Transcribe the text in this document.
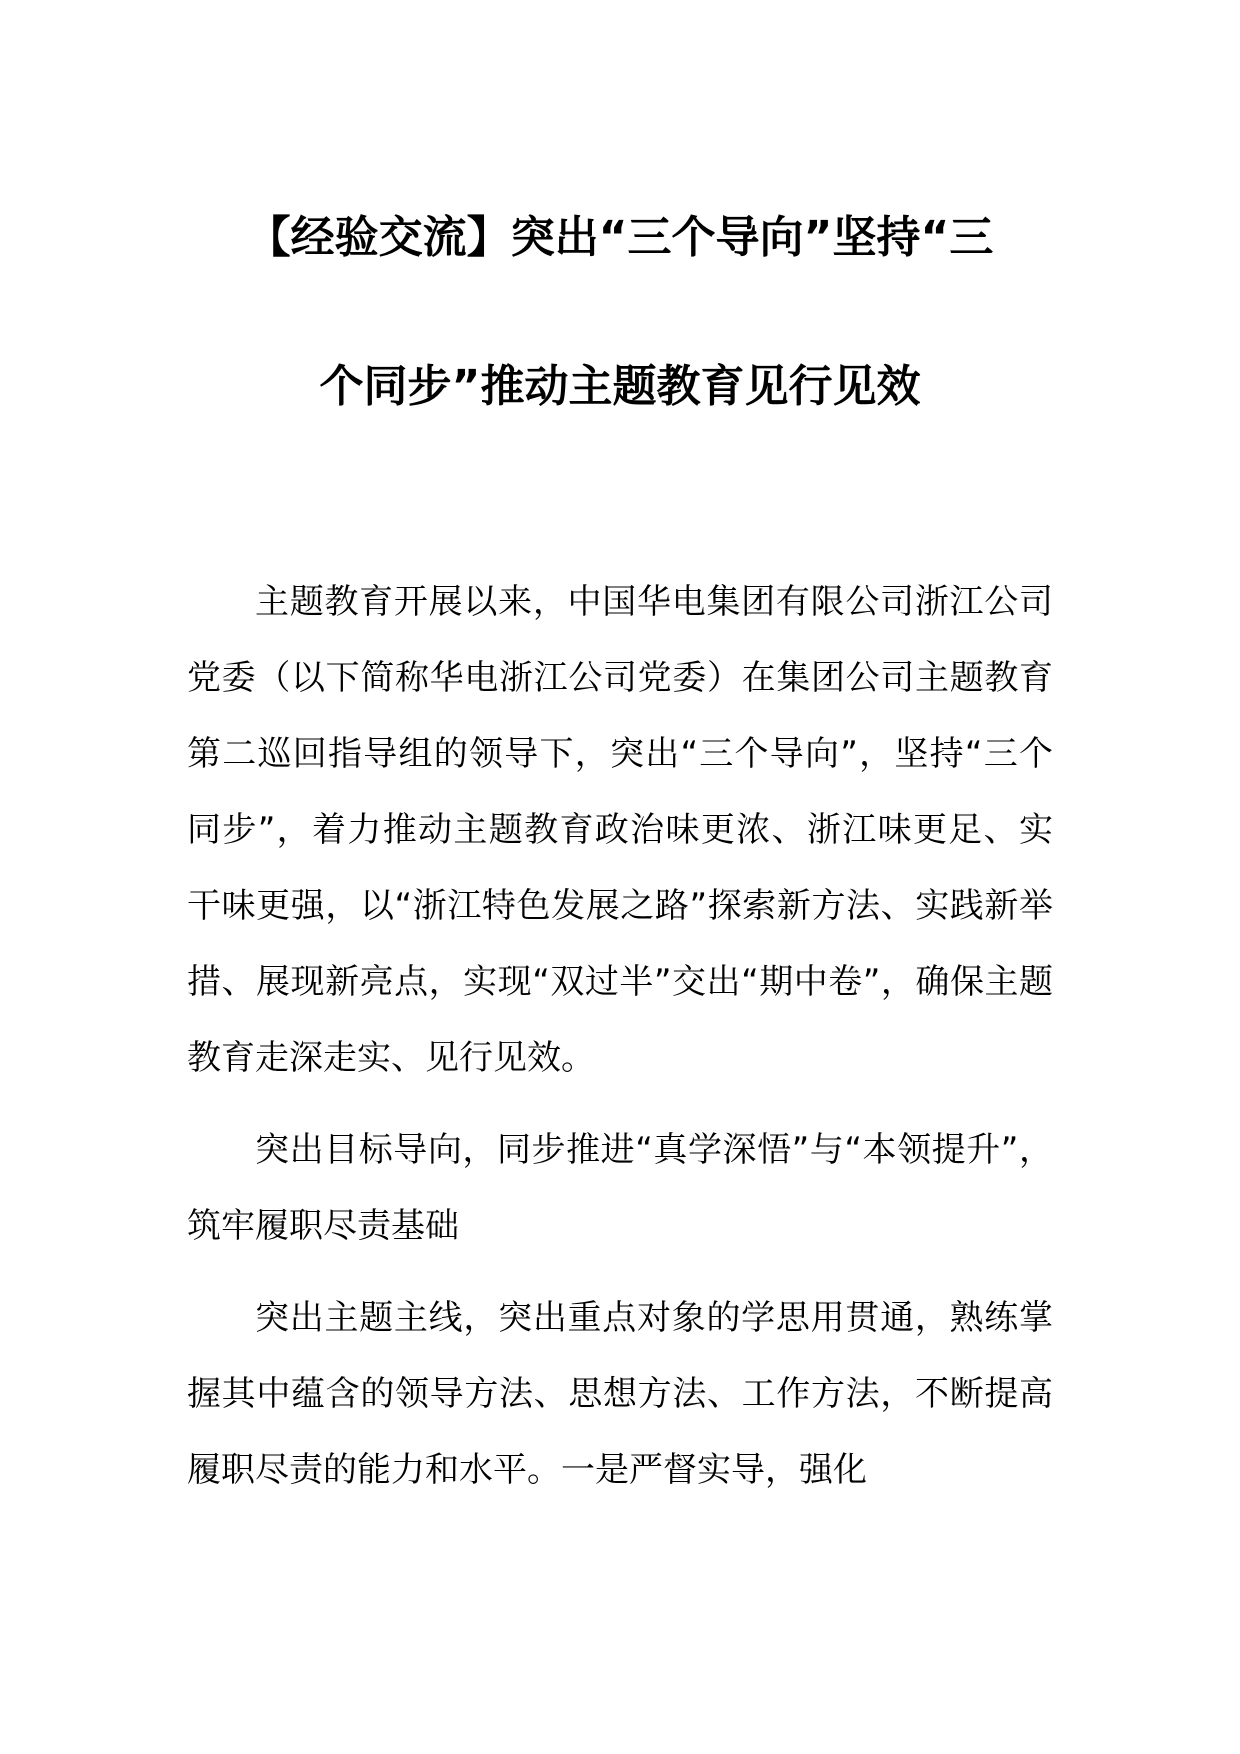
【经验交流】突出“三个导向”坚持“三
个同步”推动主题教育见行见效

主题教育开展以来，中国华电集团有限公司浙江公司党委（以下简称华电浙江公司党委）在集团公司主题教育第二巡回指导组的领导下，突出“三个导向”，坚持“三个同步”，着力推动主题教育政治味更浓、浙江味更足、实干味更强，以“浙江特色发展之路”探索新方法、实践新举措、展现新亮点，实现“双过半”交出“期中卷”，确保主题教育走深走实、见行见效。

突出目标导向，同步推进“真学深悟”与“本领提升”，筑牢履职尽责基础

突出主题主线，突出重点对象的学思用贯通，熟练掌握其中蕴含的领导方法、思想方法、工作方法，不断提高履职尽责的能力和水平。一是严督实导，强化
